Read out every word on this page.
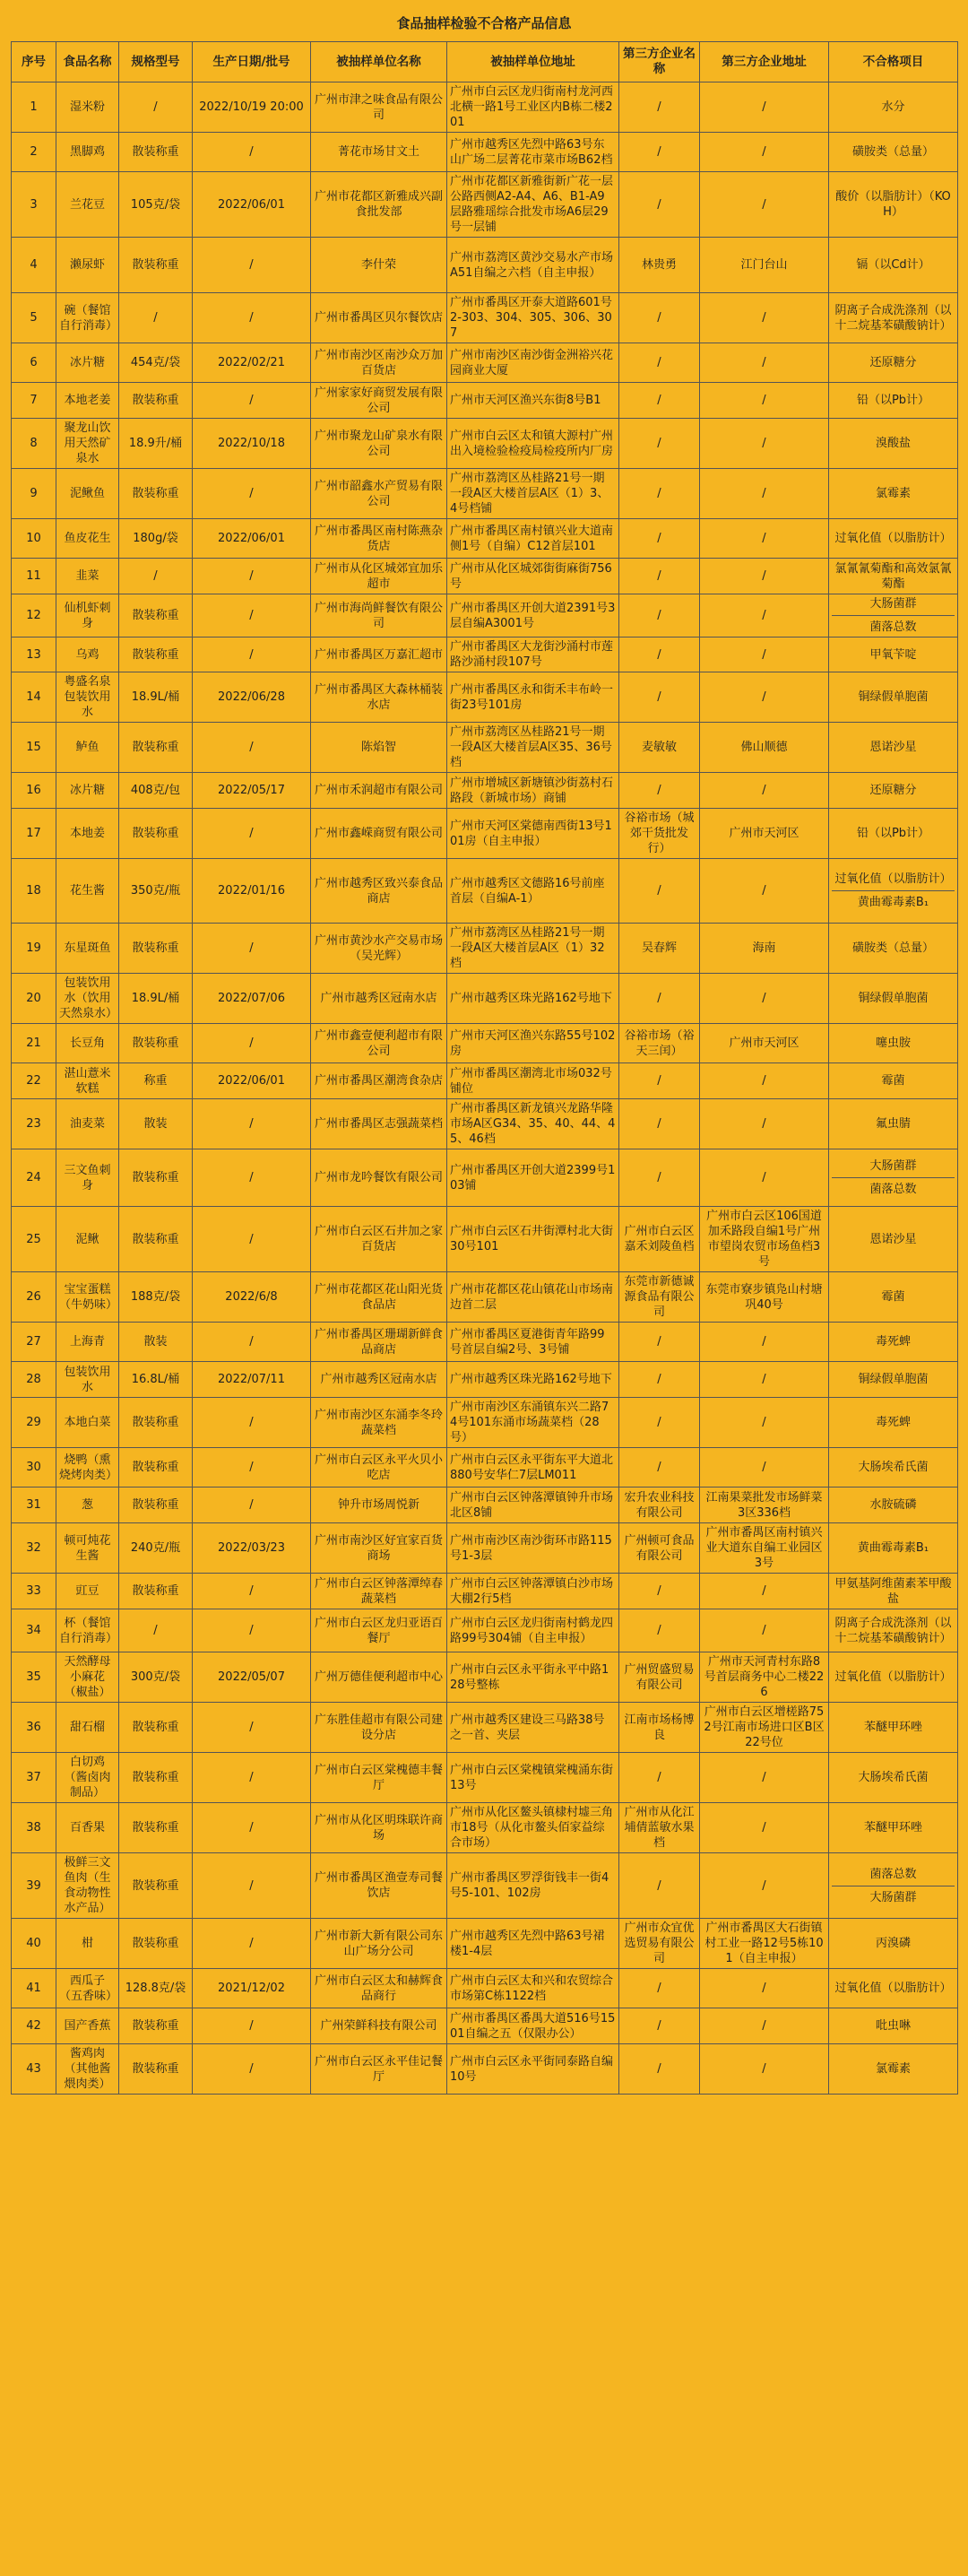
食品抽样检验不合格产品信息
序号	食品名称	规格型号	生产日期/批号	被抽样单位名称	被抽样单位地址	第三方企业名称	第三方企业地址	不合格项目
1	湿米粉	/	2022/10/19 20:00	广州市津之味食品有限公司	广州市白云区龙归街南村龙河西北横一路1号工业区内B栋二楼201	/	/	水分
2	黑脚鸡	散装称重	/	菁花市场甘文土	广州市越秀区先烈中路63号东山广场二层菁花市菜市场B62档	/	/	磺胺类（总量）
3	兰花豆	105克/袋	2022/06/01	广州市花都区新雅成兴副食批发部	广州市花都区新雅街新广花一层公路西侧A2-A4、A6、B1-A9层路雅瑶综合批发市场A6层29号一层铺	/	/	酸价（以脂肪计）（KOH）
4	濑尿虾	散装称重	/	李什荣	广州市荔湾区黄沙交易水产市场A51自编之六档（自主申报）	林贵勇	江门台山	镉（以Cd计）
5	碗（餐馆自行消毒）	/	/	广州市番禺区贝尔餐饮店	广州市番禺区开泰大道路601号2-303、304、305、306、307	/	/	阴离子合成洗涤剂（以十二烷基苯磺酸钠计）
6	冰片糖	454克/袋	2022/02/21	广州市南沙区南沙众万加百货店	广州市南沙区南沙街金洲裕兴花园商业大厦	/	/	还原糖分
7	本地老姜	散装称重	/	广州家家好商贸发展有限公司	广州市天河区渔兴东街8号B1	/	/	铅（以Pb计）
8	聚龙山饮用天然矿泉水	18.9升/桶	2022/10/18	广州市聚龙山矿泉水有限公司	广州市白云区太和镇大源村广州出入境检验检疫局检疫所内厂房	/	/	溴酸盐
9	泥鳅鱼	散装称重	/	广州市韶鑫水产贸易有限公司	广州市荔湾区丛桂路21号一期一段A区大楼首层A区（1）3、4号档铺	/	/	氯霉素
10	鱼皮花生	180g/袋	2022/06/01	广州市番禺区南村陈燕杂货店	广州市番禺区南村镇兴业大道南侧1号（自编）C12首层101	/	/	过氧化值（以脂肪计）
11	韭菜	/	/	广州市从化区城郊宜加乐超市	广州市从化区城郊街街麻街756号	/	/	氯氰氰菊酯和高效氯氰菊酯
12	仙机虾刺身	散装称重	/	广州市海尚鲜餐饮有限公司	广州市番禺区开创大道2391号3层自编A3001号	/	/	大肠菌群
菌落总数

13	乌鸡	散装称重	/	广州市番禺区万嘉汇超市	广州市番禺区大龙街沙涌村市莲路沙涌村段107号	/	/	甲氧苄啶
14	粤盛名泉包装饮用水	18.9L/桶	2022/06/28	广州市番禺区大森林桶装水店	广州市番禺区永和街禾丰布岭一街23号101房	/	/	铜绿假单胞菌
15	鲈鱼	散装称重	/	陈焰智	广州市荔湾区丛桂路21号一期一段A区大楼首层A区35、36号档	麦敏敏	佛山顺德	恩诺沙星
16	冰片糖	408克/包	2022/05/17	广州市禾润超市有限公司	广州市增城区新塘镇沙街荔村石路段（新城市场）商铺	/	/	还原糖分
17	本地姜	散装称重	/	广州市鑫嵘商贸有限公司	广州市天河区棠德南西街13号101房（自主申报）	谷裕市场（城郊干货批发行）	广州市天河区	铅（以Pb计）
18	花生酱	350克/瓶	2022/01/16	广州市越秀区致兴泰食品商店	广州市越秀区文德路16号前座首层（自编A-1）	/	/	过氧化值（以脂肪计）
黄曲霉毒素B₁

19	东星斑鱼	散装称重	/	广州市黄沙水产交易市场（吴光辉）	广州市荔湾区丛桂路21号一期一段A区大楼首层A区（1）32档	吴春辉	海南	磺胺类（总量）
20	包装饮用水（饮用天然泉水）	18.9L/桶	2022/07/06	广州市越秀区冠南水店	广州市越秀区珠光路162号地下	/	/	铜绿假单胞菌
21	长豆角	散装称重	/	广州市鑫壹便利超市有限公司	广州市天河区渔兴东路55号102房	谷裕市场（裕天三闰）	广州市天河区	噻虫胺
22	湛山薏米软糕	称重	2022/06/01	广州市番禺区潮湾食杂店	广州市番禺区潮湾北市场032号铺位	/	/	霉菌
23	油麦菜	散装	/	广州市番禺区志强蔬菜档	广州市番禺区新龙镇兴龙路华隆市场A区G34、35、40、44、45、46档	/	/	氟虫腈
24	三文鱼刺身	散装称重	/	广州市龙吟餐饮有限公司	广州市番禺区开创大道2399号103铺	/	/	大肠菌群
菌落总数

25	泥鳅	散装称重	/	广州市白云区石井加之家百货店	广州市白云区石井街潭村北大街30号101	广州市白云区嘉禾刘陵鱼档	广州市白云区106国道加禾路段自编1号广州市望岗农贸市场鱼档3号	恩诺沙星
26	宝宝蛋糕（牛奶味）	188克/袋	2022/6/8	广州市花都区花山阳光货食品店	广州市花都区花山镇花山市场南边首二层	东莞市新德诚源食品有限公司	东莞市寮步镇凫山村塘巩40号	霉菌
27	上海青	散装	/	广州市番禺区珊瑚新鲜食品商店	广州市番禺区夏港街青年路99号首层自编2号、3号铺	/	/	毒死蜱
28	包装饮用水	16.8L/桶	2022/07/11	广州市越秀区冠南水店	广州市越秀区珠光路162号地下	/	/	铜绿假单胞菌
29	本地白菜	散装称重	/	广州市南沙区东涌李冬玲蔬菜档	广州市南沙区东涌镇东兴二路74号101东涌市场蔬菜档（28号）	/	/	毒死蜱
30	烧鸭（熏烧烤肉类）	散装称重	/	广州市白云区永平火贝小吃店	广州市白云区永平街东平大道北880号安华仁7层LM011	/	/	大肠埃希氏菌
31	葱	散装称重	/	钟升市场周悦新	广州市白云区钟落潭镇钟升市场北区8铺	宏升农业科技有限公司	江南果菜批发市场鲜菜3区336档	水胺硫磷
32	顿可炖花生酱	240克/瓶	2022/03/23	广州市南沙区好宜家百货商场	广州市南沙区南沙街环市路115号1-3层	广州顿可食品有限公司	广州市番禺区南村镇兴业大道东自编工业园区3号	黄曲霉毒素B₁
33	豇豆	散装称重	/	广州市白云区钟落潭绰春蔬菜档	广州市白云区钟落潭镇白沙市场大棚2行5档	/	/	甲氨基阿维菌素苯甲酸盐
34	杯（餐馆自行消毒）	/	/	广州市白云区龙归亚语百餐厅	广州市白云区龙归街南村鹤龙四路99号304铺（自主申报）	/	/	阴离子合成洗涤剂（以十二烷基苯磺酸钠计）
35	天然酵母小麻花（椒盐）	300克/袋	2022/05/07	广州万德佳便利超市中心	广州市白云区永平街永平中路128号整栋	广州贸盛贸易有限公司	广州市天河青村东路8号首层商务中心二楼226	过氧化值（以脂肪计）
36	甜石榴	散装称重	/	广东胜佳超市有限公司建设分店	广州市越秀区建设三马路38号之一首、夹层	江南市场杨博良	广州市白云区增槎路752号江南市场进口区B区22号位	苯醚甲环唑
37	白切鸡（酱卤肉制品）	散装称重	/	广州市白云区棠槐德丰餐厅	广州市白云区棠槐镇棠槐涌东街13号	/	/	大肠埃希氏菌
38	百香果	散装称重	/	广州市从化区明珠联许商场	广州市从化区鳌头镇棣村墟三角市18号（从化市鳌头佰家益综合市场）	广州市从化江埔倩蓝敏水果档	/	苯醚甲环唑
39	极鲜三文鱼肉（生食动物性水产品）	散装称重	/	广州市番禺区渔壹寿司餐饮店	广州市番禺区罗浮街钱丰一街4号5-101、102房	/	/	菌落总数
大肠菌群

40	柑	散装称重	/	广州市新大新有限公司东山广场分公司	广州市越秀区先烈中路63号裙楼1-4层	广州市众宜优选贸易有限公司	广州市番禺区大石街镇村工业一路12号5栋101（自主申报）	丙溴磷
41	西瓜子（五香味）	128.8克/袋	2021/12/02	广州市白云区太和赫辉食品商行	广州市白云区太和兴和农贸综合市场第C栋1122档	/	/	过氧化值（以脂肪计）
42	国产香蕉	散装称重	/	广州荣鲜科技有限公司	广州市番禺区番禺大道516号1501自编之五（仅限办公）	/	/	吡虫啉
43	酱鸡肉（其他酱煨肉类）	散装称重	/	广州市白云区永平佳记餐厅	广州市白云区永平街同泰路自编10号	/	/	氯霉素
